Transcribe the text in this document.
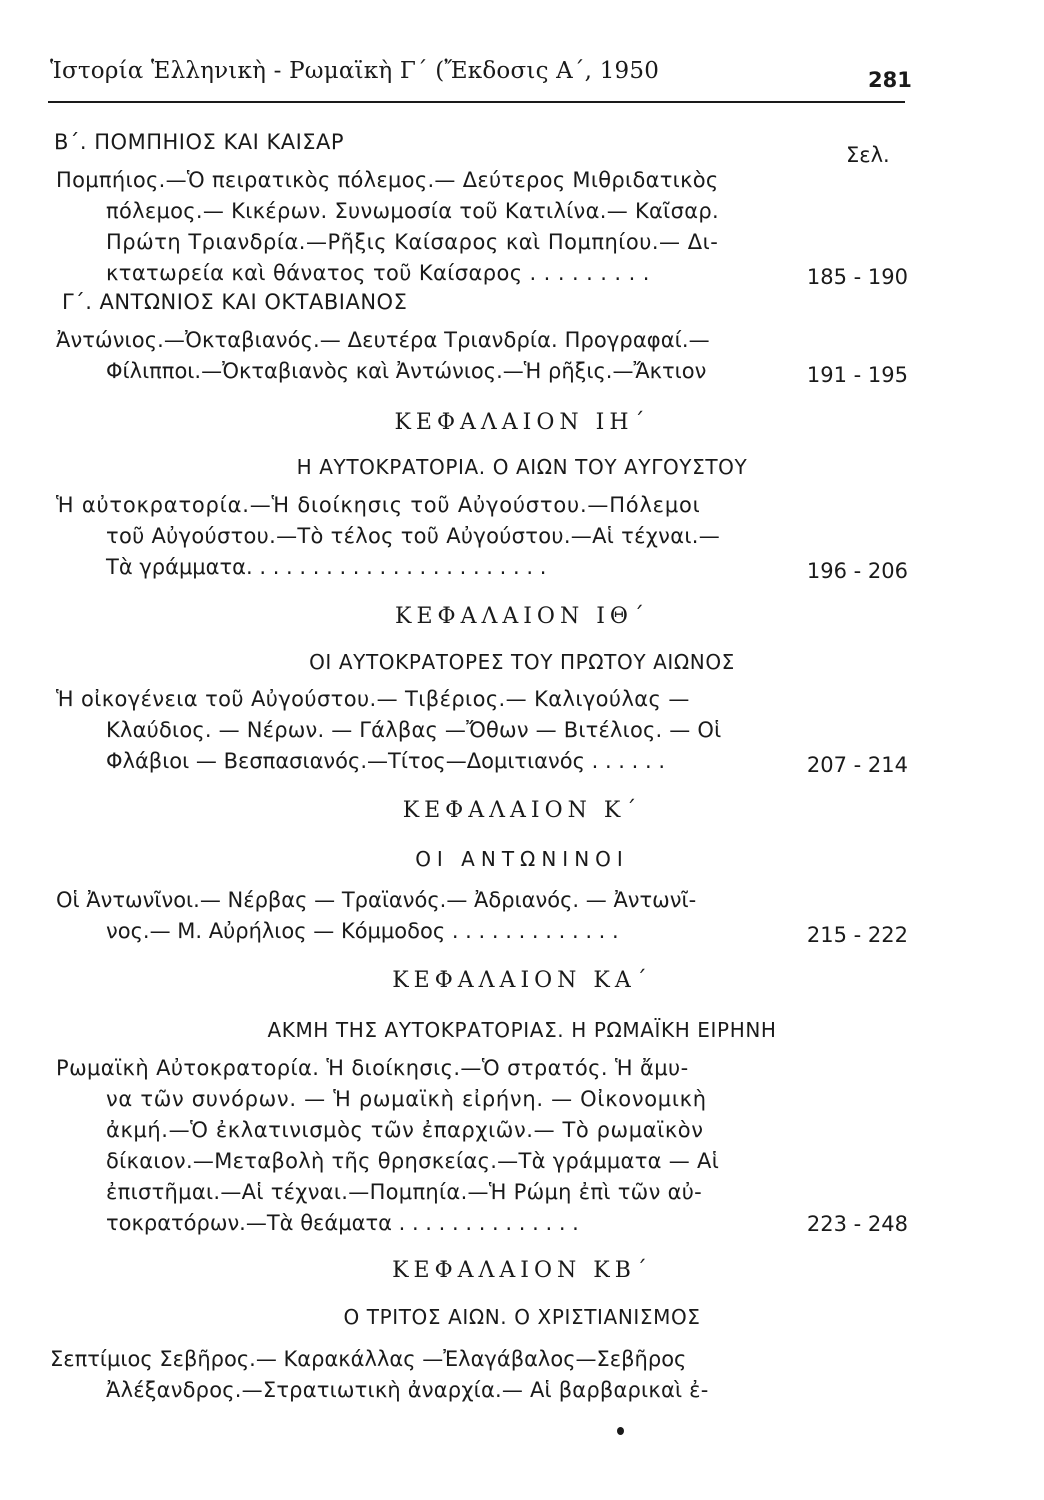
Ἱστορία Ἑλληνικὴ - Ρωμαϊκὴ Γ΄ (Ἔκδοσις Α΄, 1950	281
Σελ.
Β΄. ΠΟΜΠΗΙΟΣ ΚΑΙ ΚΑΙΣΑΡ
Πομπήιος.—Ὁ πειρατικὸς πόλεμος.— Δεύτερος Μιθριδατικὸς
πόλεμος.— Κικέρων. Συνωμοσία τοῦ Κατιλίνα.— Καῖσαρ.
Πρώτη Τριανδρία.—Ρῆξις Καίσαρος καὶ Πομπηίου.— Δι-
κτατωρεία καὶ θάνατος τοῦ Καίσαρος . . . . . . . . .	185 - 190
Γ΄. ΑΝΤΩΝΙΟΣ ΚΑΙ ΟΚΤΑΒΙΑΝΟΣ
Ἀντώνιος.—Ὀκταβιανός.— Δευτέρα Τριανδρία. Προγραφαί.—
Φίλιπποι.—Ὀκταβιανὸς καὶ Ἀντώνιος.—Ἡ ρῆξις.—Ἄκτιον	191 - 195
ΚΕΦΑΛΑΙΟΝ ΙΗ΄
Η ΑΥΤΟΚΡΑΤΟΡΙΑ. Ο ΑΙΩΝ ΤΟΥ ΑΥΓΟΥΣΤΟΥ
Ἡ αὐτοκρατορία.—Ἡ διοίκησις τοῦ Αὐγούστου.—Πόλεμοι
τοῦ Αὐγούστου.—Τὸ τέλος τοῦ Αὐγούστου.—Αἱ τέχναι.—
Τὰ γράμματα. . . . . . . . . . . . . . . . . . . . . . .	196 - 206
ΚΕΦΑΛΑΙΟΝ ΙΘ΄
ΟΙ ΑΥΤΟΚΡΑΤΟΡΕΣ ΤΟΥ ΠΡΩΤΟΥ ΑΙΩΝΟΣ
Ἡ οἰκογένεια τοῦ Αὐγούστου.— Τιβέριος.— Καλιγούλας —
Κλαύδιος. — Νέρων. — Γάλβας —Ὄθων — Βιτέλιος. — Οἱ
Φλάβιοι — Βεσπασιανός.—Τίτος—Δομιτιανός . . . . . .	207 - 214
ΚΕΦΑΛΑΙΟΝ Κ΄
ΟΙ ΑΝΤΩΝΙΝΟΙ
Οἱ Ἀντωνῖνοι.— Νέρβας — Τραϊανός.— Ἀδριανός. — Ἀντωνῖ-
νος.— Μ. Αὐρήλιος — Κόμμοδος . . . . . . . . . . . . .	215 - 222
ΚΕΦΑΛΑΙΟΝ ΚΑ΄
ΑΚΜΗ ΤΗΣ ΑΥΤΟΚΡΑΤΟΡΙΑΣ. Η ΡΩΜΑΪΚΗ ΕΙΡΗΝΗ
Ρωμαϊκὴ Αὐτοκρατορία. Ἡ διοίκησις.—Ὁ στρατός. Ἡ ἄμυ-
να τῶν συνόρων. — Ἡ ρωμαϊκὴ εἰρήνη. — Οἰκονομικὴ
ἀκμή.—Ὁ ἐκλατινισμὸς τῶν ἐπαρχιῶν.— Τὸ ρωμαϊκὸν
δίκαιον.—Μεταβολὴ τῆς θρησκείας.—Τὰ γράμματα — Αἱ
ἐπιστῆμαι.—Αἱ τέχναι.—Πομπηία.—Ἡ Ρώμη ἐπὶ τῶν αὐ-
τοκρατόρων.—Τὰ θεάματα . . . . . . . . . . . . . .	223 - 248
ΚΕΦΑΛΑΙΟΝ ΚΒ΄
Ο ΤΡΙΤΟΣ ΑΙΩΝ. Ο ΧΡΙΣΤΙΑΝΙΣΜΟΣ
Σεπτίμιος Σεβῆρος.— Καρακάλλας —Ἐλαγάβαλος—Σεβῆρος
Ἀλέξανδρος.—Στρατιωτικὴ ἀναρχία.— Αἱ βαρβαρικαὶ ἐ-
